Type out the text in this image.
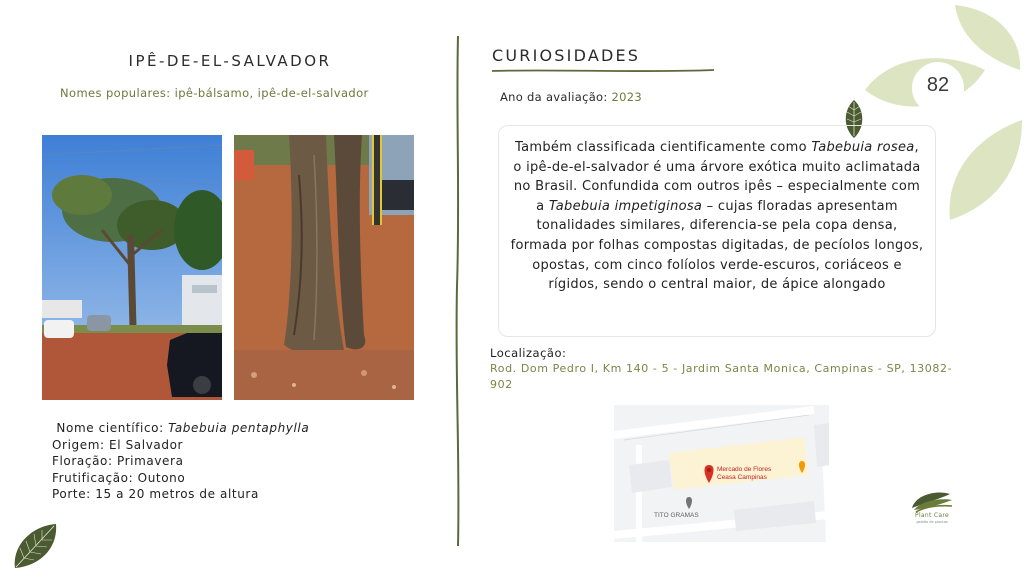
82
IPÊ-DE-EL-SALVADOR
Nomes populares: ipê-bálsamo, ipê-de-el-salvador
Nome científico: Tabebuia pentaphylla
Origem: El Salvador
Floração: Primavera
Frutificação: Outono
Porte: 15 a 20 metros de altura
CURIOSIDADES
Ano da avaliação: 2023
Também classificada cientificamente como Tabebuia rosea, o ipê-de-el-salvador é uma árvore exótica muito aclimatada no Brasil. Confundida com outros ipês – especialmente com a Tabebuia impetiginosa – cujas floradas apresentam tonalidades similares, diferencia-se pela copa densa, formada por folhas compostas digitadas, de pecíolos longos, opostas, com cinco folíolos verde-escuros, coriáceos e rígidos, sendo o central maior, de ápice alongado
Localização:
Rod. Dom Pedro I, Km 140 - 5 - Jardim Santa Monica, Campinas - SP, 13082-902
Mercado de Flores
Ceasa Campinas
TITO GRAMAS	Plant Care
gestão de plantas
